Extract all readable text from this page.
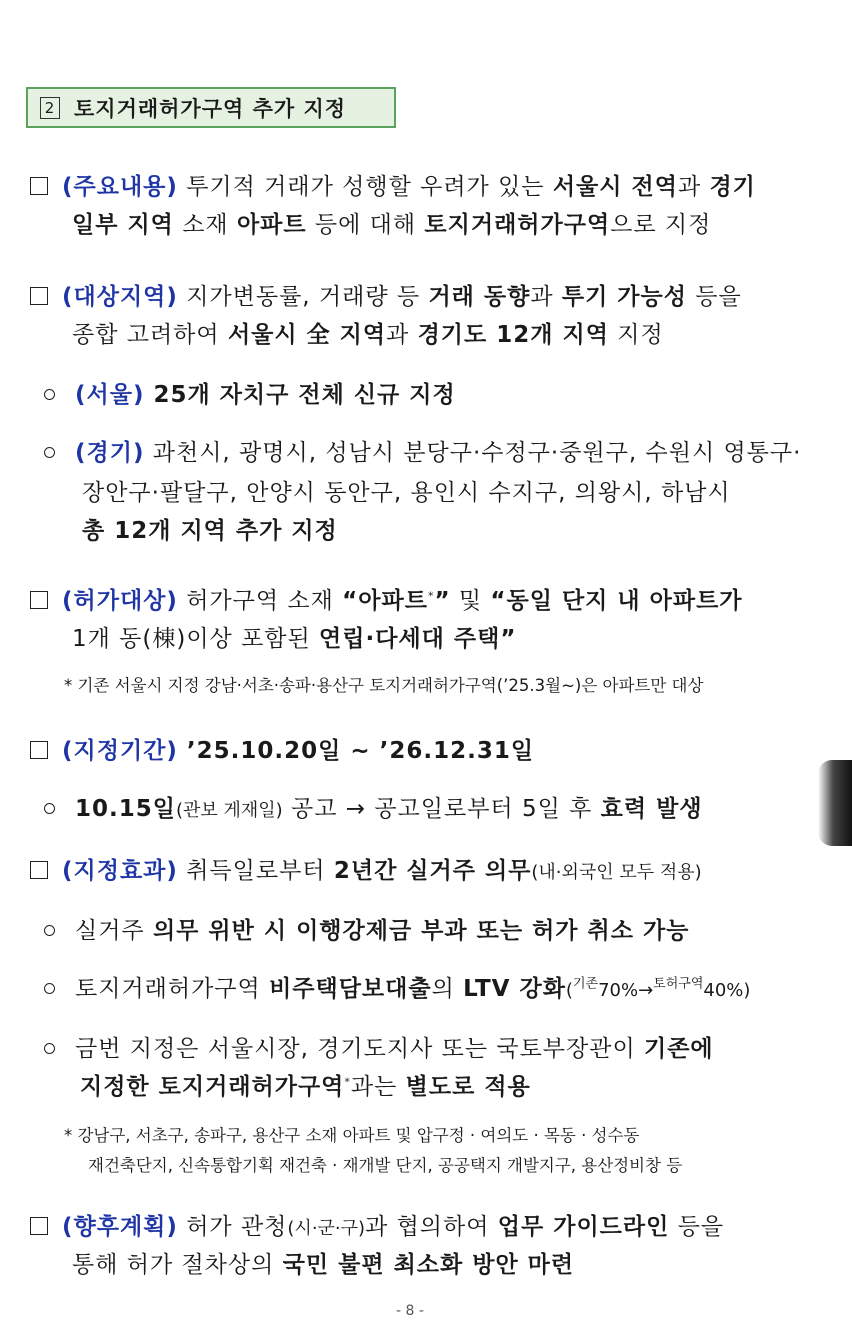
2 토지거래허가구역 추가 지정
(주요내용) 투기적 거래가 성행할 우려가 있는 서울시 전역과 경기
일부 지역 소재 아파트 등에 대해 토지거래허가구역으로 지정
(대상지역) 지가변동률, 거래량 등 거래 동향과 투기 가능성 등을
종합 고려하여 서울시 全 지역과 경기도 12개 지역 지정
(서울) 25개 자치구 전체 신규 지정
(경기) 과천시, 광명시, 성남시 분당구·수정구·중원구, 수원시 영통구·
장안구·팔달구, 안양시 동안구, 용인시 수지구, 의왕시, 하남시
총 12개 지역 추가 지정
(허가대상) 허가구역 소재 “아파트*” 및 “동일 단지 내 아파트가
1개 동(棟)이상 포함된 연립·다세대 주택”
* 기존 서울시 지정 강남·서초·송파·용산구 토지거래허가구역(’25.3월~)은 아파트만 대상
(지정기간) ’25.10.20일 ~ ’26.12.31일
10.15일(관보 게재일) 공고 → 공고일로부터 5일 후 효력 발생
(지정효과) 취득일로부터 2년간 실거주 의무(내·외국인 모두 적용)
실거주 의무 위반 시 이행강제금 부과 또는 허가 취소 가능
토지거래허가구역 비주택담보대출의 LTV 강화($^{기존}$70%→$^{토허구역}$40%)
금번 지정은 서울시장, 경기도지사 또는 국토부장관이 기존에
지정한 토지거래허가구역*과는 별도로 적용
* 강남구, 서초구, 송파구, 용산구 소재 아파트 및 압구정 · 여의도 · 목동 · 성수동
재건축단지, 신속통합기획 재건축 · 재개발 단지, 공공택지 개발지구, 용산정비창 등
(향후계획) 허가 관청(시·군·구)과 협의하여 업무 가이드라인 등을
통해 허가 절차상의 국민 불편 최소화 방안 마련
- 8 -
